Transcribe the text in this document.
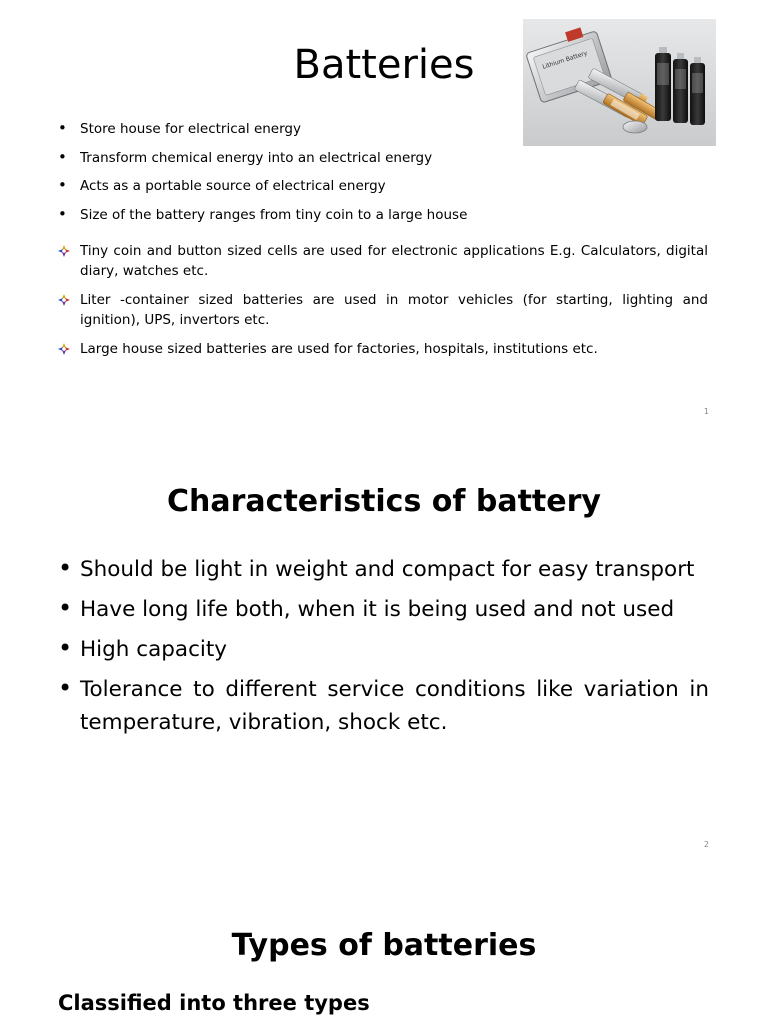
Batteries	Lithium Battery
• Store house for electrical energy
• Transform chemical energy into an electrical energy
• Acts as a portable source of electrical energy
• Size of the battery ranges from tiny coin to a large house
Tiny coin and button sized cells are used for electronic applications E.g. Calculators, digital diary, watches etc.
Liter -container sized batteries are used in motor vehicles (for starting, lighting and ignition), UPS, invertors etc.
Large house sized batteries are used for factories, hospitals, institutions etc.
1
Characteristics of battery
• Should be light in weight and compact for easy transport
• Have long life both, when it is being used and not used
• High capacity
• Tolerance to different service conditions like variation in temperature, vibration, shock etc.
2
Types of batteries
Classified into three types
